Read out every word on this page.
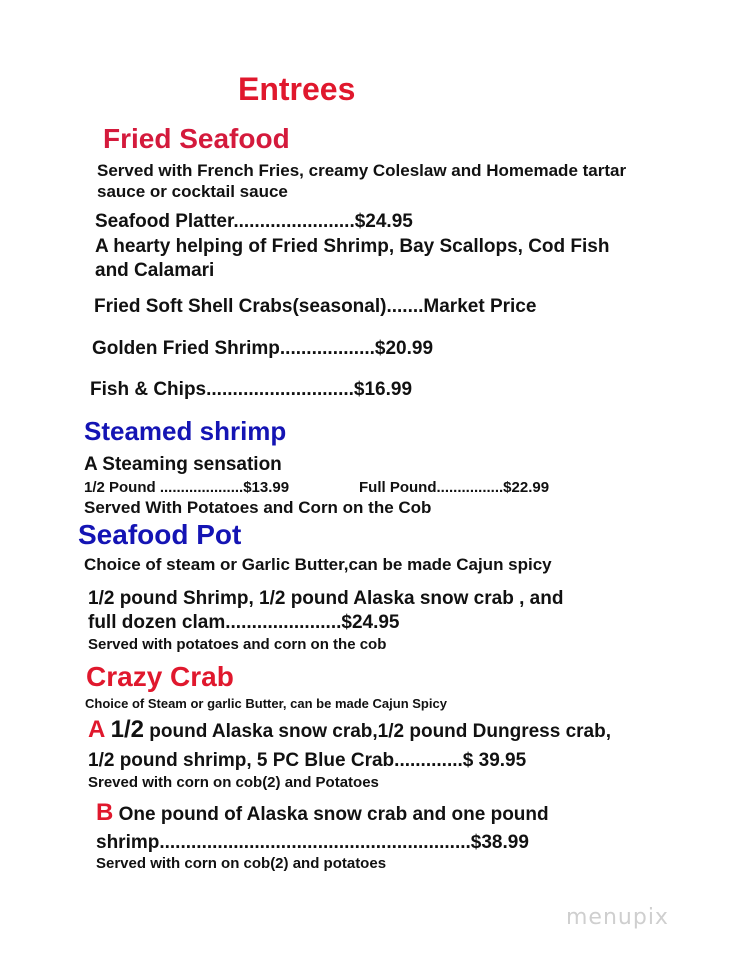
Entrees
Fried Seafood
Served with French Fries, creamy Coleslaw and Homemade tartar
sauce or cocktail sauce
Seafood Platter.......................$24.95
A hearty helping of Fried Shrimp, Bay Scallops, Cod Fish
and Calamari
Fried Soft Shell Crabs(seasonal).......Market Price
Golden Fried Shrimp..................$20.99
Fish & Chips............................$16.99
Steamed shrimp
A Steaming sensation
1/2 Pound ....................$13.99	Full Pound................$22.99
Served With Potatoes and Corn on the Cob
Seafood Pot
Choice of steam or Garlic Butter,can be made Cajun spicy
1/2 pound Shrimp, 1/2 pound Alaska snow crab , and
full dozen clam......................$24.95
Served with potatoes and corn on the cob
Crazy Crab
Choice of Steam or garlic Butter, can be made Cajun Spicy
A 1/2 pound Alaska snow crab,1/2 pound Dungress crab,
1/2 pound shrimp, 5 PC Blue Crab.............$ 39.95
Sreved with corn on cob(2) and Potatoes
B One pound of Alaska snow crab and one pound
shrimp...........................................................$38.99
Served with corn on cob(2) and potatoes
menupix
